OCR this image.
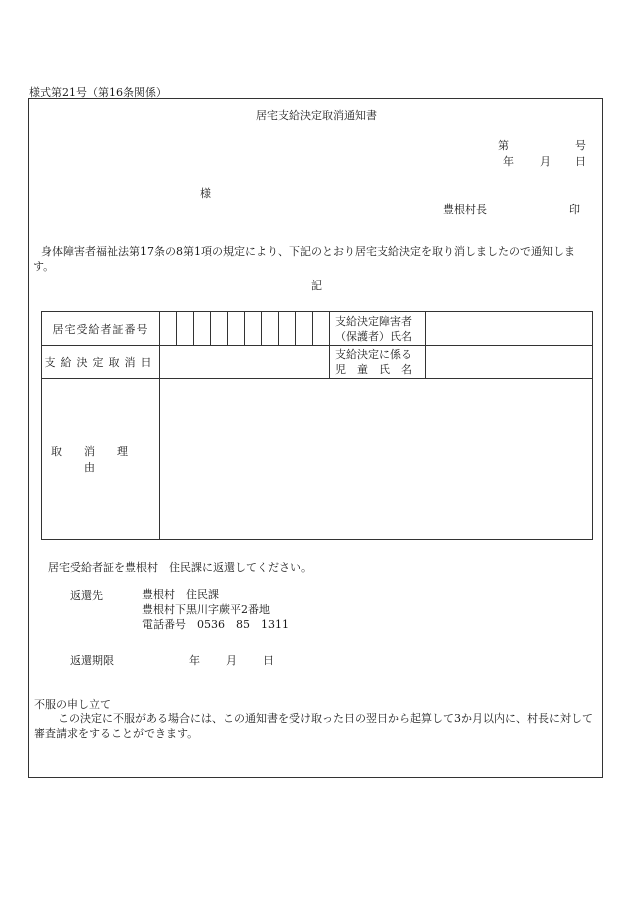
様式第21号（第16条関係）
居宅支給決定取消通知書
第	号
年 月 日
様
豊根村長	印
身体障害者福祉法第17条の8第1項の規定により、下記のとおり居宅支給決定を取り消しましたので通知します。
記
居宅受給者証番号		支給決定障害者
（保護者）氏名	

支給決定取消日		支給決定に係る
児　童　氏　名	

取消理由			
居宅受給者証を豊根村　住民課に返還してください。
返還先	豊根村　住民課
豊根村下黒川字蕨平2番地
電話番号　0536　85　1311
返還期限	年 月 日
不服の申し立て
この決定に不服がある場合には、この通知書を受け取った日の翌日から起算して3か月以内に、村長に対して審査請求をすることができます。
